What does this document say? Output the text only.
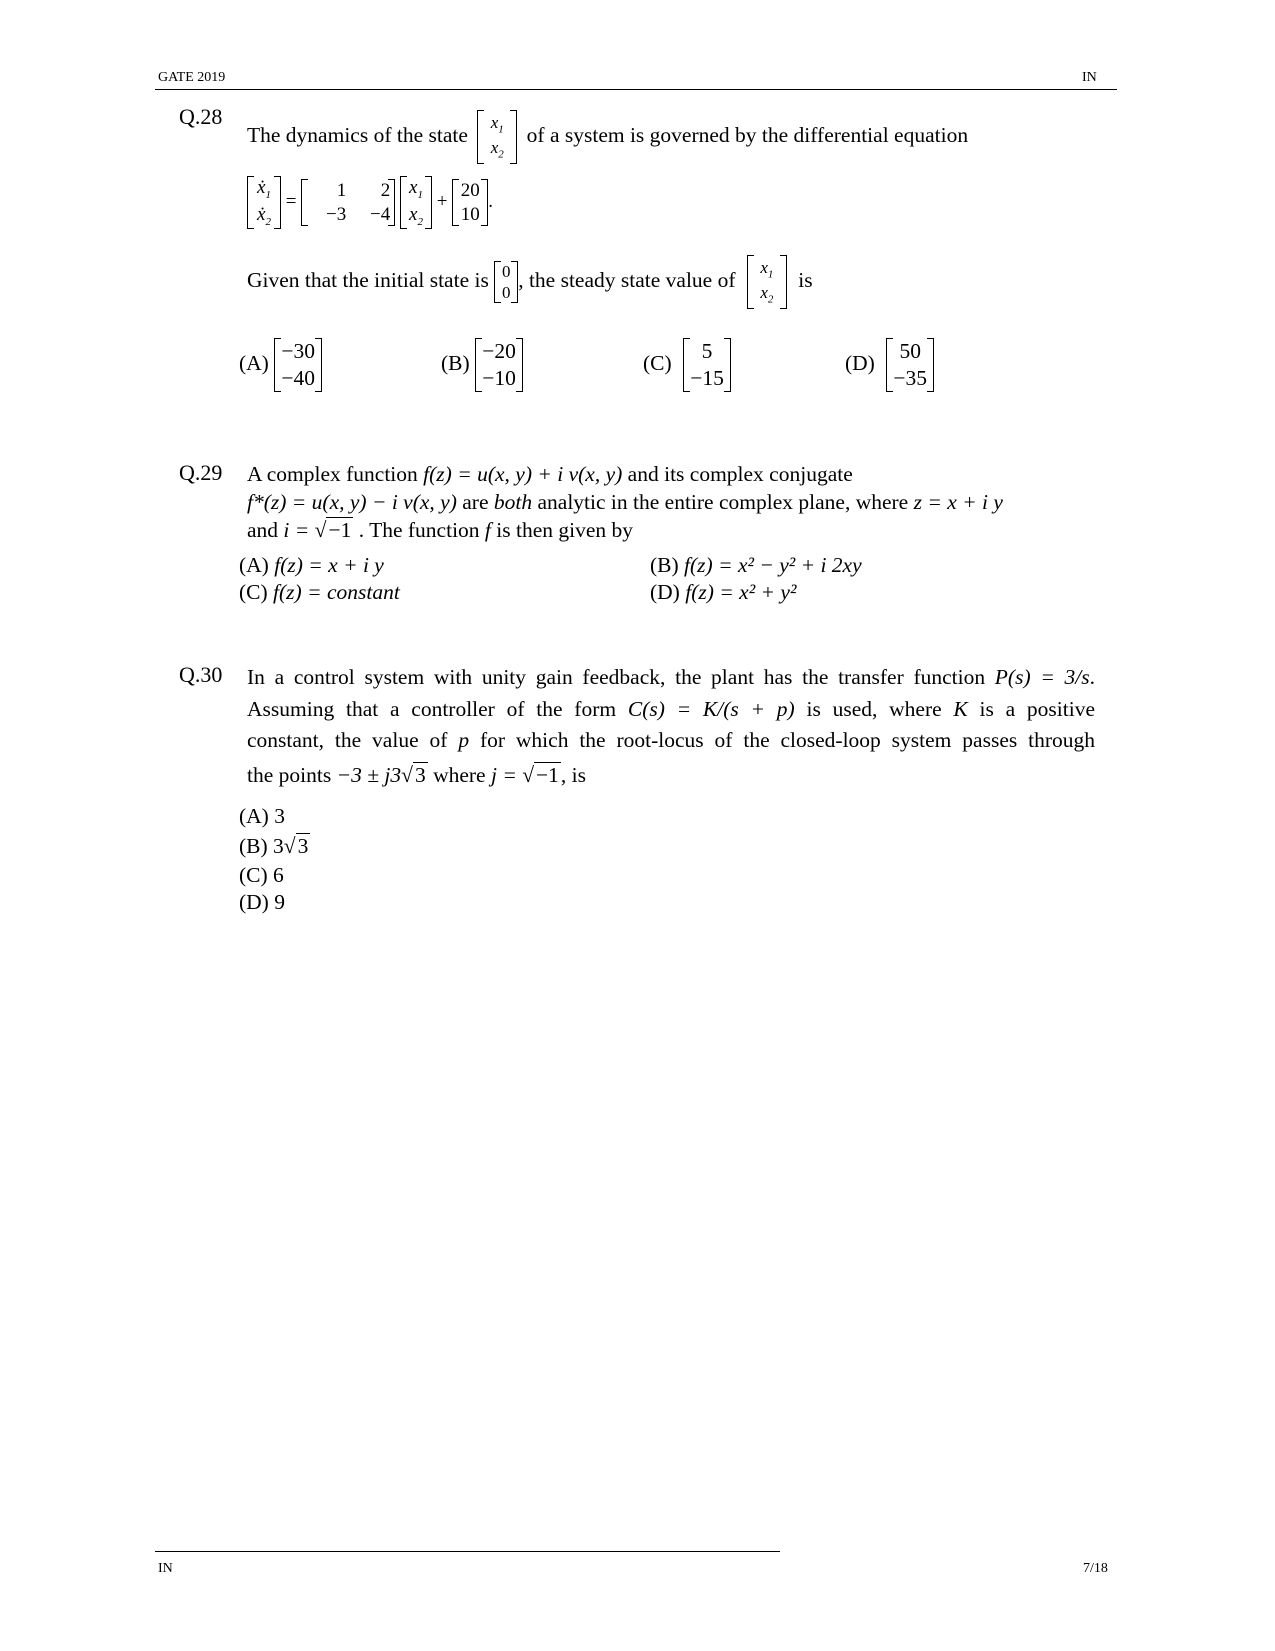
GATE 2019	IN
Q.28
The dynamics of the state
$x_1$
$x_2$
of a system is governed by the differential equation
ẋ$_1$
ẋ$_2$
=
1 2
−3 −4

$x_1$
$x_2$
+
20
10
.
Given that the initial state is 0
0
, the steady state value of
$x_1$
$x_2$
is
(A) −30
−40
(B) −20
−10
(C)	5
−15
(D)	50
−35
Q.29 A complex function f(z) = u(x, y) + i v(x, y) and its complex conjugate
f*(z) = u(x, y) − i v(x, y) are both analytic in the entire complex plane, where z = x + i y
and i = √−1 . The function f is then given by
(A) f(z) = x + i y	(B) f(z) = x² − y² + i 2xy
(C) f(z) = constant	(D) f(z) = x² + y²
Q.30 In a control system with unity gain feedback, the plant has the transfer function P(s) = 3/s.
Assuming that a controller of the form C(s) = K/(s + p) is used, where K is a positive
constant, the value of p for which the root-locus of the closed-loop system passes through
the points −3 ± j3√3 where j = √−1, is
(A) 3
(B) 3√3
(C) 6
(D) 9
IN	7/18
